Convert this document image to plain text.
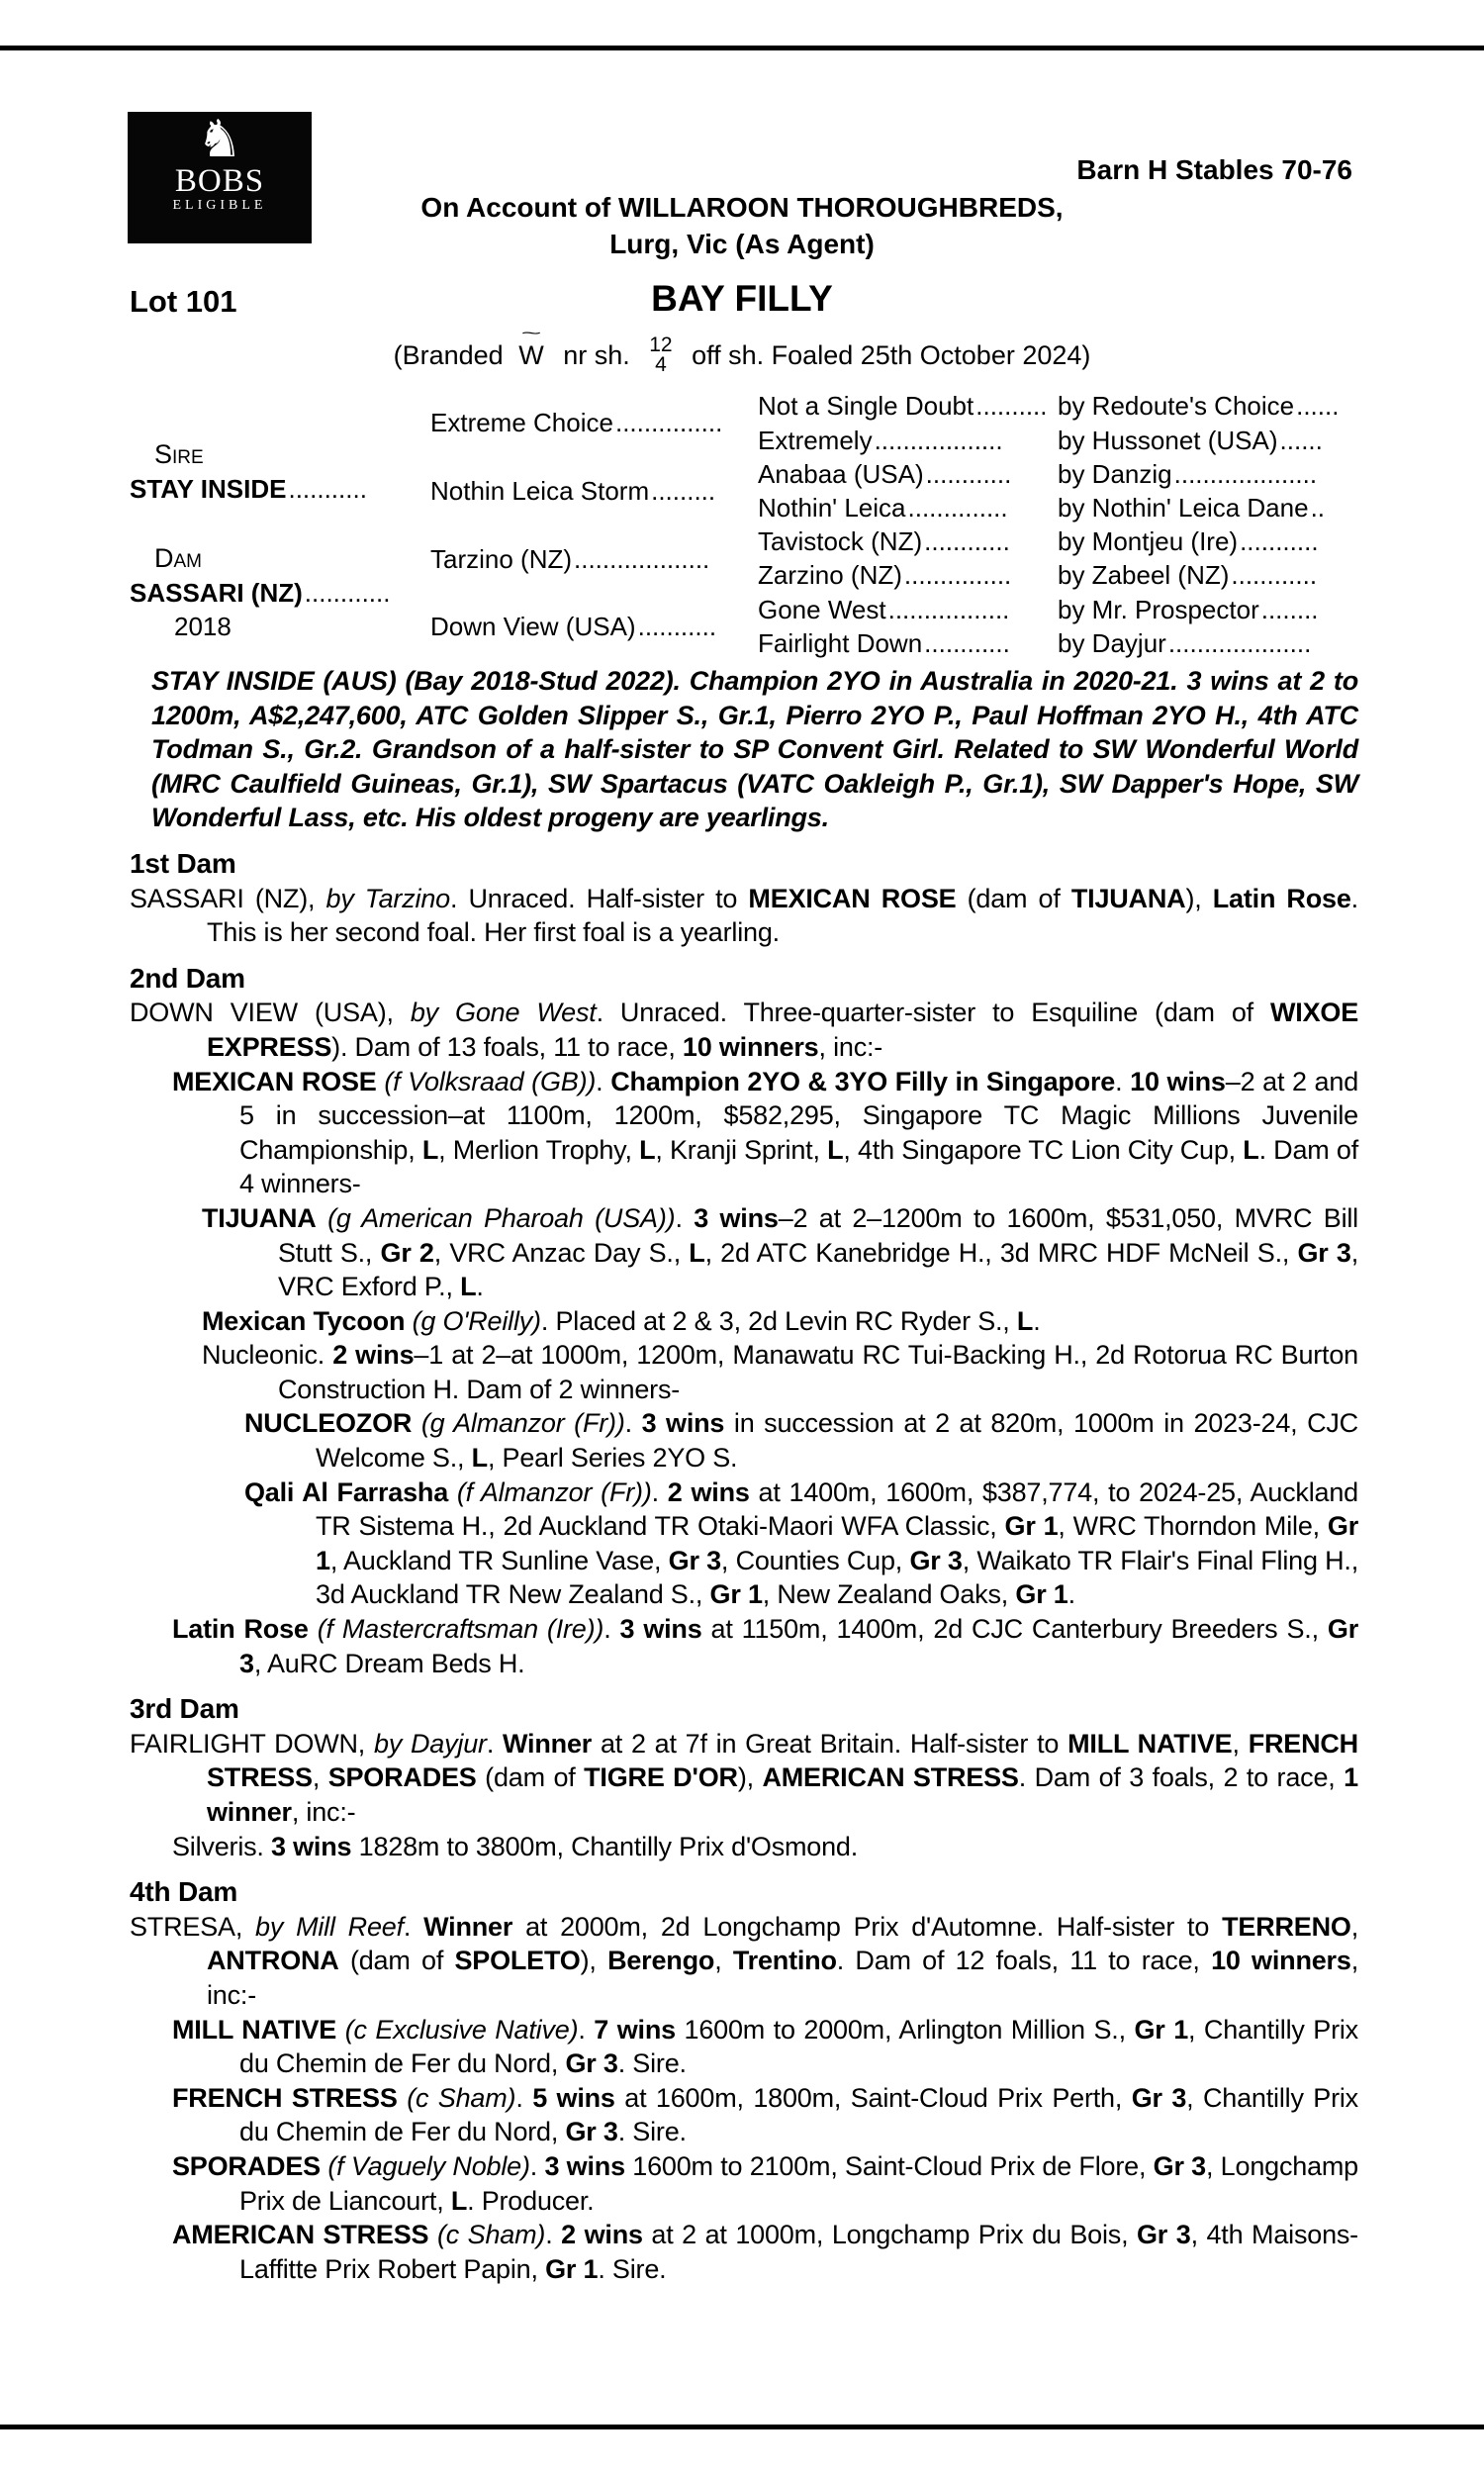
♞
BOBS
ELIGIBLE
Barn H Stables 70-76
On Account of WILLAROON THOROUGHBREDS,
Lurg, Vic (As Agent)
Lot 101	BAY FILLY
(Branded
~
W nr sh. 12
4 off sh. Foaled 25th October 2024)
Sire
STAY INSIDE...........
Dam
SASSARI (NZ)............
2018
Extreme Choice...............
Nothin Leica Storm.........
Tarzino (NZ)...................
Down View (USA)...........
Not a Single Doubt..........
Extremely..................
Anabaa (USA)............
Nothin' Leica..............
Tavistock (NZ)............
Zarzino (NZ)...............
Gone West.................
Fairlight Down............
by Redoute's Choice......
by Hussonet (USA)......
by Danzig....................
by Nothin' Leica Dane..
by Montjeu (Ire)...........
by Zabeel (NZ)............
by Mr. Prospector........
by Dayjur....................

STAY INSIDE (AUS) (Bay 2018-Stud 2022). Champion 2YO in Australia in 2020-21. 3 wins at 2 to 1200m, A$2,247,600, ATC Golden Slipper S., Gr.1, Pierro 2YO P., Paul Hoffman 2YO H., 4th ATC Todman S., Gr.2. Grandson of a half-sister to SP Convent Girl. Related to SW Wonderful World (MRC Caulfield Guineas, Gr.1), SW Spartacus (VATC Oakleigh P., Gr.1), SW Dapper's Hope, SW Wonderful Lass, etc. His oldest progeny are yearlings.

1st Dam

SASSARI (NZ), by Tarzino. Unraced. Half-sister to MEXICAN ROSE (dam of TIJUANA), Latin Rose. This is her second foal. Her first foal is a yearling.

2nd Dam

DOWN VIEW (USA), by Gone West. Unraced. Three-quarter-sister to Esquiline (dam of WIXOE EXPRESS). Dam of 13 foals, 11 to race, 10 winners, inc:-

MEXICAN ROSE (f Volksraad (GB)). Champion 2YO & 3YO Filly in Singapore. 10 wins–2 at 2 and 5 in succession–at 1100m, 1200m, $582,295, Singapore TC Magic Millions Juvenile Championship, L, Merlion Trophy, L, Kranji Sprint, L, 4th Singapore TC Lion City Cup, L. Dam of 4 winners-

TIJUANA (g American Pharoah (USA)). 3 wins–2 at 2–1200m to 1600m, $531,050, MVRC Bill Stutt S., Gr 2, VRC Anzac Day S., L, 2d ATC Kanebridge H., 3d MRC HDF McNeil S., Gr 3, VRC Exford P., L.

Mexican Tycoon (g O'Reilly). Placed at 2 & 3, 2d Levin RC Ryder S., L.

Nucleonic. 2 wins–1 at 2–at 1000m, 1200m, Manawatu RC Tui-Backing H., 2d Rotorua RC Burton Construction H. Dam of 2 winners-

NUCLEOZOR (g Almanzor (Fr)). 3 wins in succession at 2 at 820m, 1000m in 2023-24, CJC Welcome S., L, Pearl Series 2YO S.

Qali Al Farrasha (f Almanzor (Fr)). 2 wins at 1400m, 1600m, $387,774, to 2024-25, Auckland TR Sistema H., 2d Auckland TR Otaki-Maori WFA Classic, Gr 1, WRC Thorndon Mile, Gr 1, Auckland TR Sunline Vase, Gr 3, Counties Cup, Gr 3, Waikato TR Flair's Final Fling H., 3d Auckland TR New Zealand S., Gr 1, New Zealand Oaks, Gr 1.

Latin Rose (f Mastercraftsman (Ire)). 3 wins at 1150m, 1400m, 2d CJC Canterbury Breeders S., Gr 3, AuRC Dream Beds H.

3rd Dam

FAIRLIGHT DOWN, by Dayjur. Winner at 2 at 7f in Great Britain. Half-sister to MILL NATIVE, FRENCH STRESS, SPORADES (dam of TIGRE D'OR), AMERICAN STRESS. Dam of 3 foals, 2 to race, 1 winner, inc:-

Silveris. 3 wins 1828m to 3800m, Chantilly Prix d'Osmond.

4th Dam

STRESA, by Mill Reef. Winner at 2000m, 2d Longchamp Prix d'Automne. Half-sister to TERRENO, ANTRONA (dam of SPOLETO), Berengo, Trentino. Dam of 12 foals, 11 to race, 10 winners, inc:-

MILL NATIVE (c Exclusive Native). 7 wins 1600m to 2000m, Arlington Million S., Gr 1, Chantilly Prix du Chemin de Fer du Nord, Gr 3. Sire.

FRENCH STRESS (c Sham). 5 wins at 1600m, 1800m, Saint-Cloud Prix Perth, Gr 3, Chantilly Prix du Chemin de Fer du Nord, Gr 3. Sire.

SPORADES (f Vaguely Noble). 3 wins 1600m to 2100m, Saint-Cloud Prix de Flore, Gr 3, Longchamp Prix de Liancourt, L. Producer.

AMERICAN STRESS (c Sham). 2 wins at 2 at 1000m, Longchamp Prix du Bois, Gr 3, 4th Maisons-Laffitte Prix Robert Papin, Gr 1. Sire.
